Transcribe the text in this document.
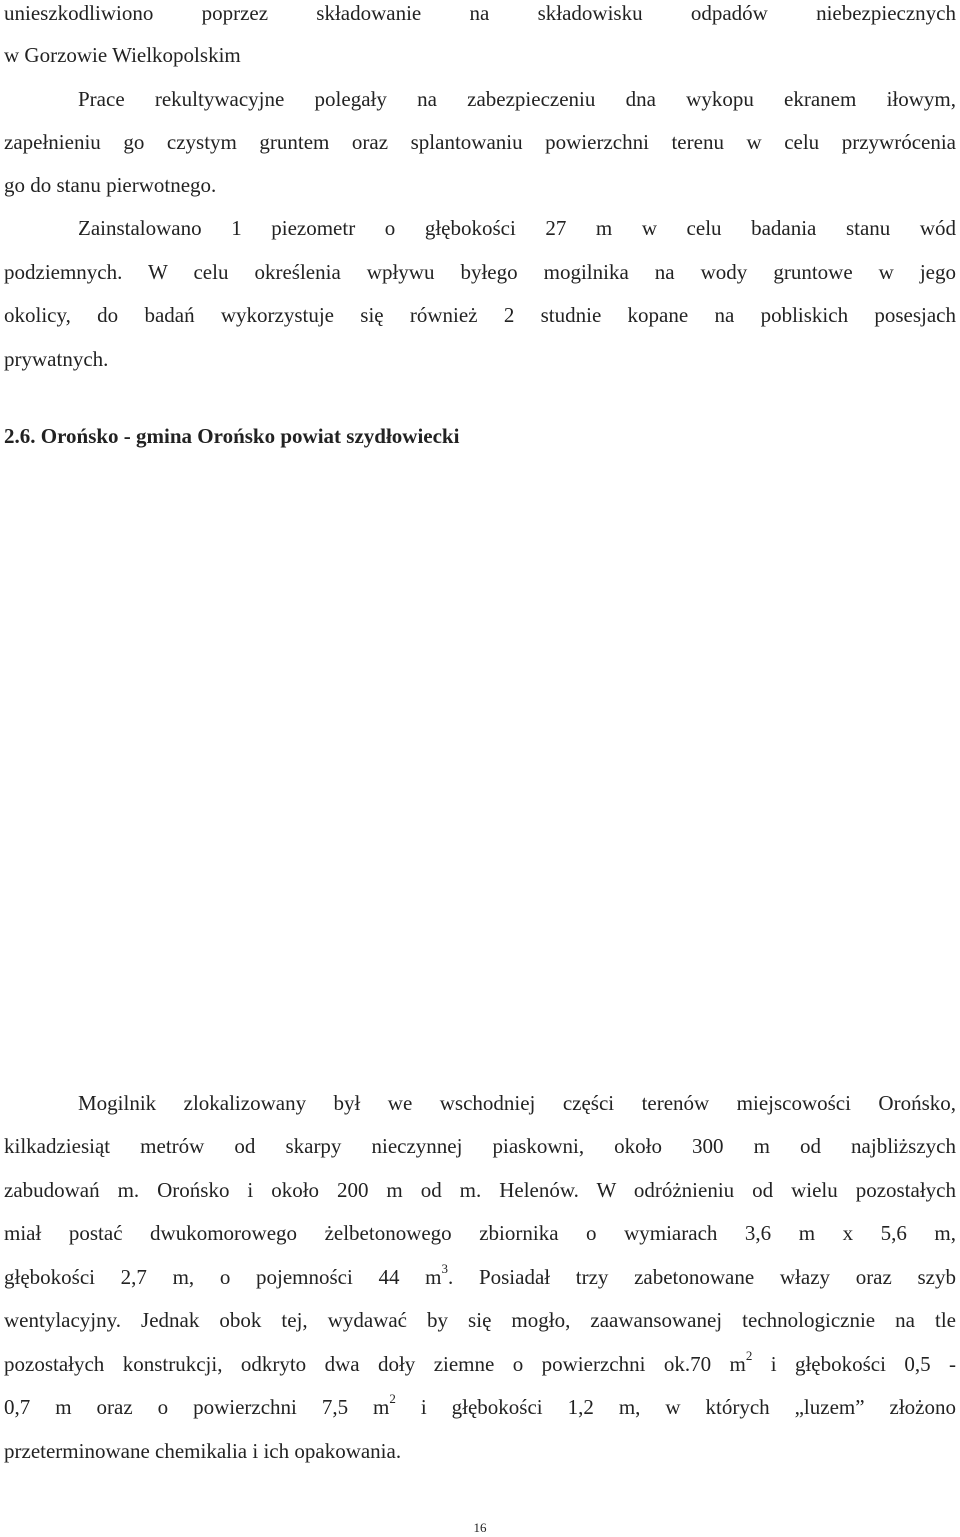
unieszkodliwiono poprzez składowanie na składowisku odpadów niebezpiecznych
w Gorzowie Wielkopolskim
Prace rekultywacyjne polegały na zabezpieczeniu dna wykopu ekranem iłowym,
zapełnieniu go czystym gruntem oraz splantowaniu powierzchni terenu w celu przywrócenia
go do stanu pierwotnego.
Zainstalowano 1 piezometr o głębokości 27 m w celu badania stanu wód
podziemnych. W celu określenia wpływu byłego mogilnika na wody gruntowe w jego
okolicy, do badań wykorzystuje się również 2 studnie kopane na pobliskich posesjach
prywatnych.
2.6. Orońsko - gmina Orońsko powiat szydłowiecki
Mogilnik zlokalizowany był we wschodniej części terenów miejscowości Orońsko,
kilkadziesiąt metrów od skarpy nieczynnej piaskowni, około 300 m od najbliższych
zabudowań m. Orońsko i około 200 m od m. Helenów. W odróżnieniu od wielu pozostałych
miał postać dwukomorowego żelbetonowego zbiornika o wymiarach 3,6 m x 5,6 m,
głębokości 2,7 m, o pojemności 44 $m^3$. Posiadał trzy zabetonowane włazy oraz szyb
wentylacyjny. Jednak obok tej, wydawać by się mogło, zaawansowanej technologicznie na tle
pozostałych konstrukcji, odkryto dwa doły ziemne o powierzchni ok.70 $m^2$ i głębokości 0,5 -
0,7 m oraz o powierzchni 7,5 $m^2$ i głębokości 1,2 m, w których „luzem” złożono
przeterminowane chemikalia i ich opakowania.
16
